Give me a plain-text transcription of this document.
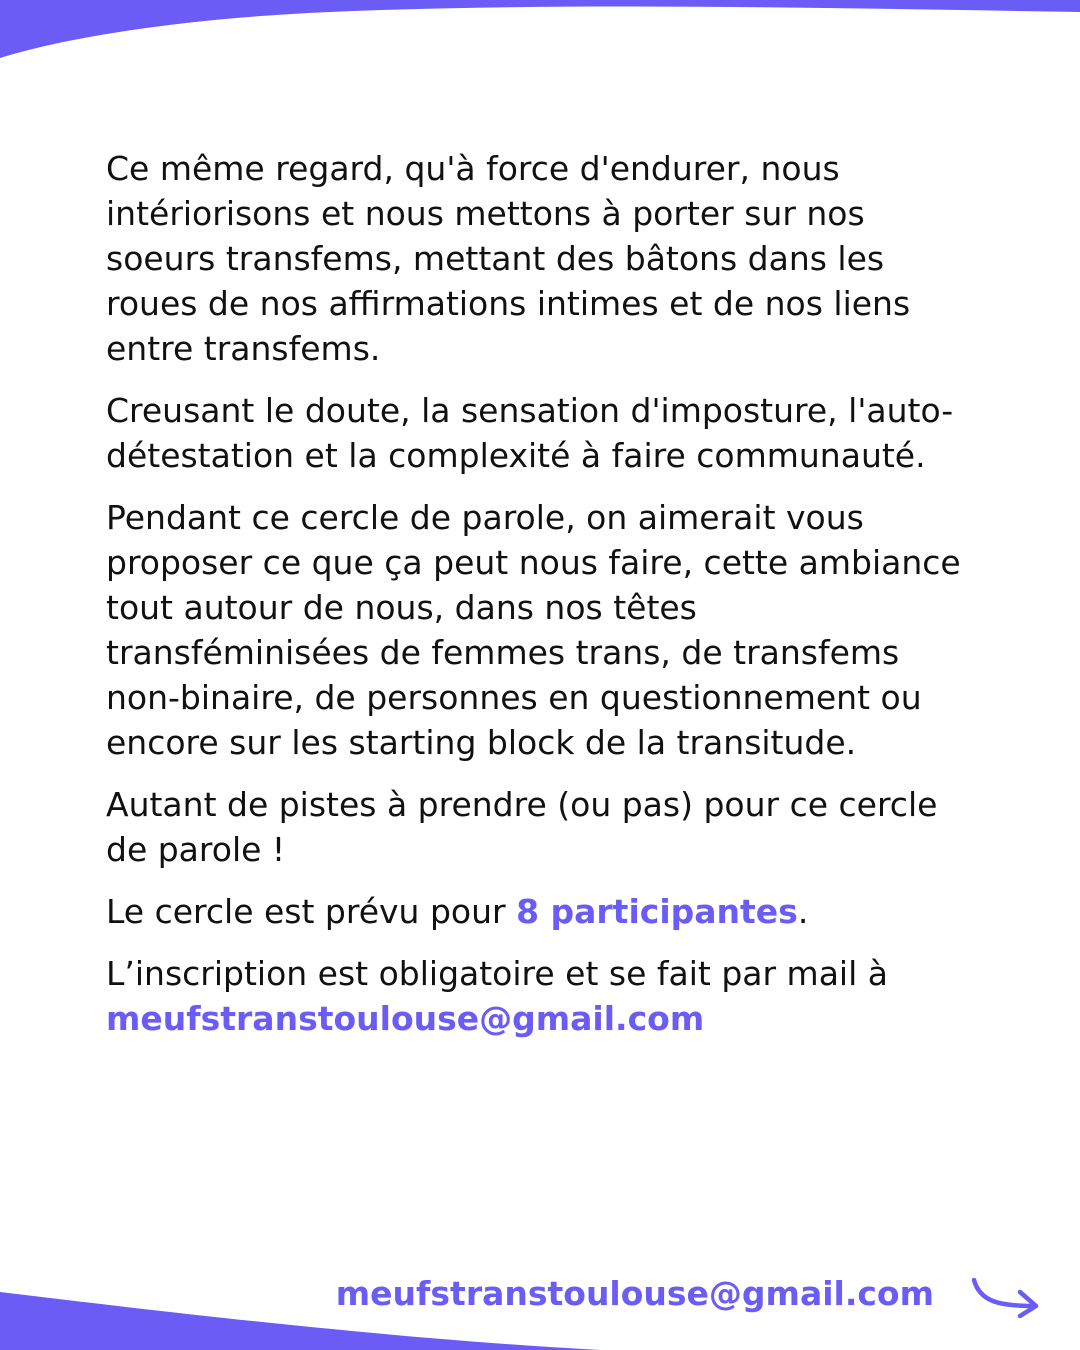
Ce même regard, qu'à force d'endurer, nous intériorisons et nous mettons à porter sur nos soeurs transfems, mettant des bâtons dans les roues de nos affirmations intimes et de nos liens entre transfems.

Creusant le doute, la sensation d'imposture, l'auto-détestation et la complexité à faire communauté.

Pendant ce cercle de parole, on aimerait vous proposer ce que ça peut nous faire, cette ambiance tout autour de nous, dans nos têtes transféminisées de femmes trans, de transfems non-binaire, de personnes en questionnement ou encore sur les starting block de la transitude.

Autant de pistes à prendre (ou pas) pour ce cercle de parole !

Le cercle est prévu pour 8 participantes.

L’inscription est obligatoire et se fait par mail à
meufstranstoulouse@gmail.com

meufstranstoulouse@gmail.com
